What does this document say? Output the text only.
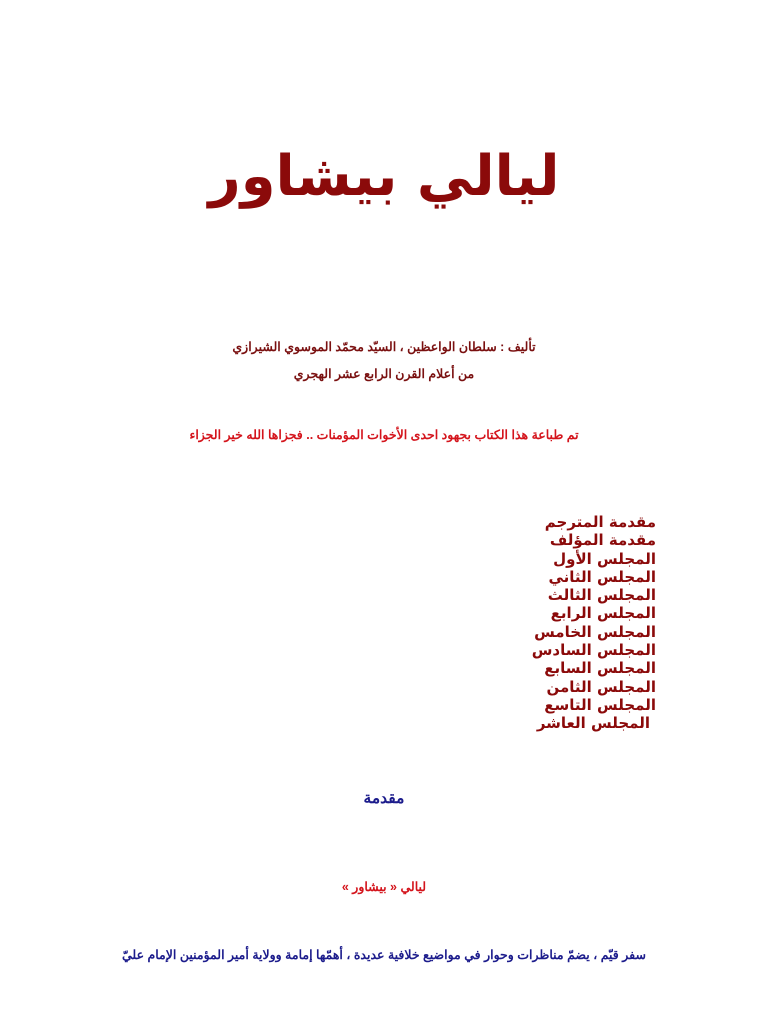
ليالي بيشاور
تأليف : سلطان الواعظين ، السيّد محمّد الموسوي الشيرازي
من أعلام القرن الرابع عشر الهجري
تم طباعة هذا الكتاب بجهود احدى الأخوات المؤمنات .. فجزاها الله خير الجزاء
مقدمة المترجم
مقدمة المؤلف
المجلس الأول
المجلس الثاني
المجلس الثالث
المجلس الرابع
المجلس الخامس
المجلس السادس
المجلس السابع
المجلس الثامن
المجلس التاسع
المجلس العاشر
مقدمة
ليالي « بيشاور »
سفر قيّم ، يضمّ مناظرات وحوار في مواضيع خلافية عديدة ، أهمّها إمامة وولاية أمير المؤمنين الإمام عليّ
